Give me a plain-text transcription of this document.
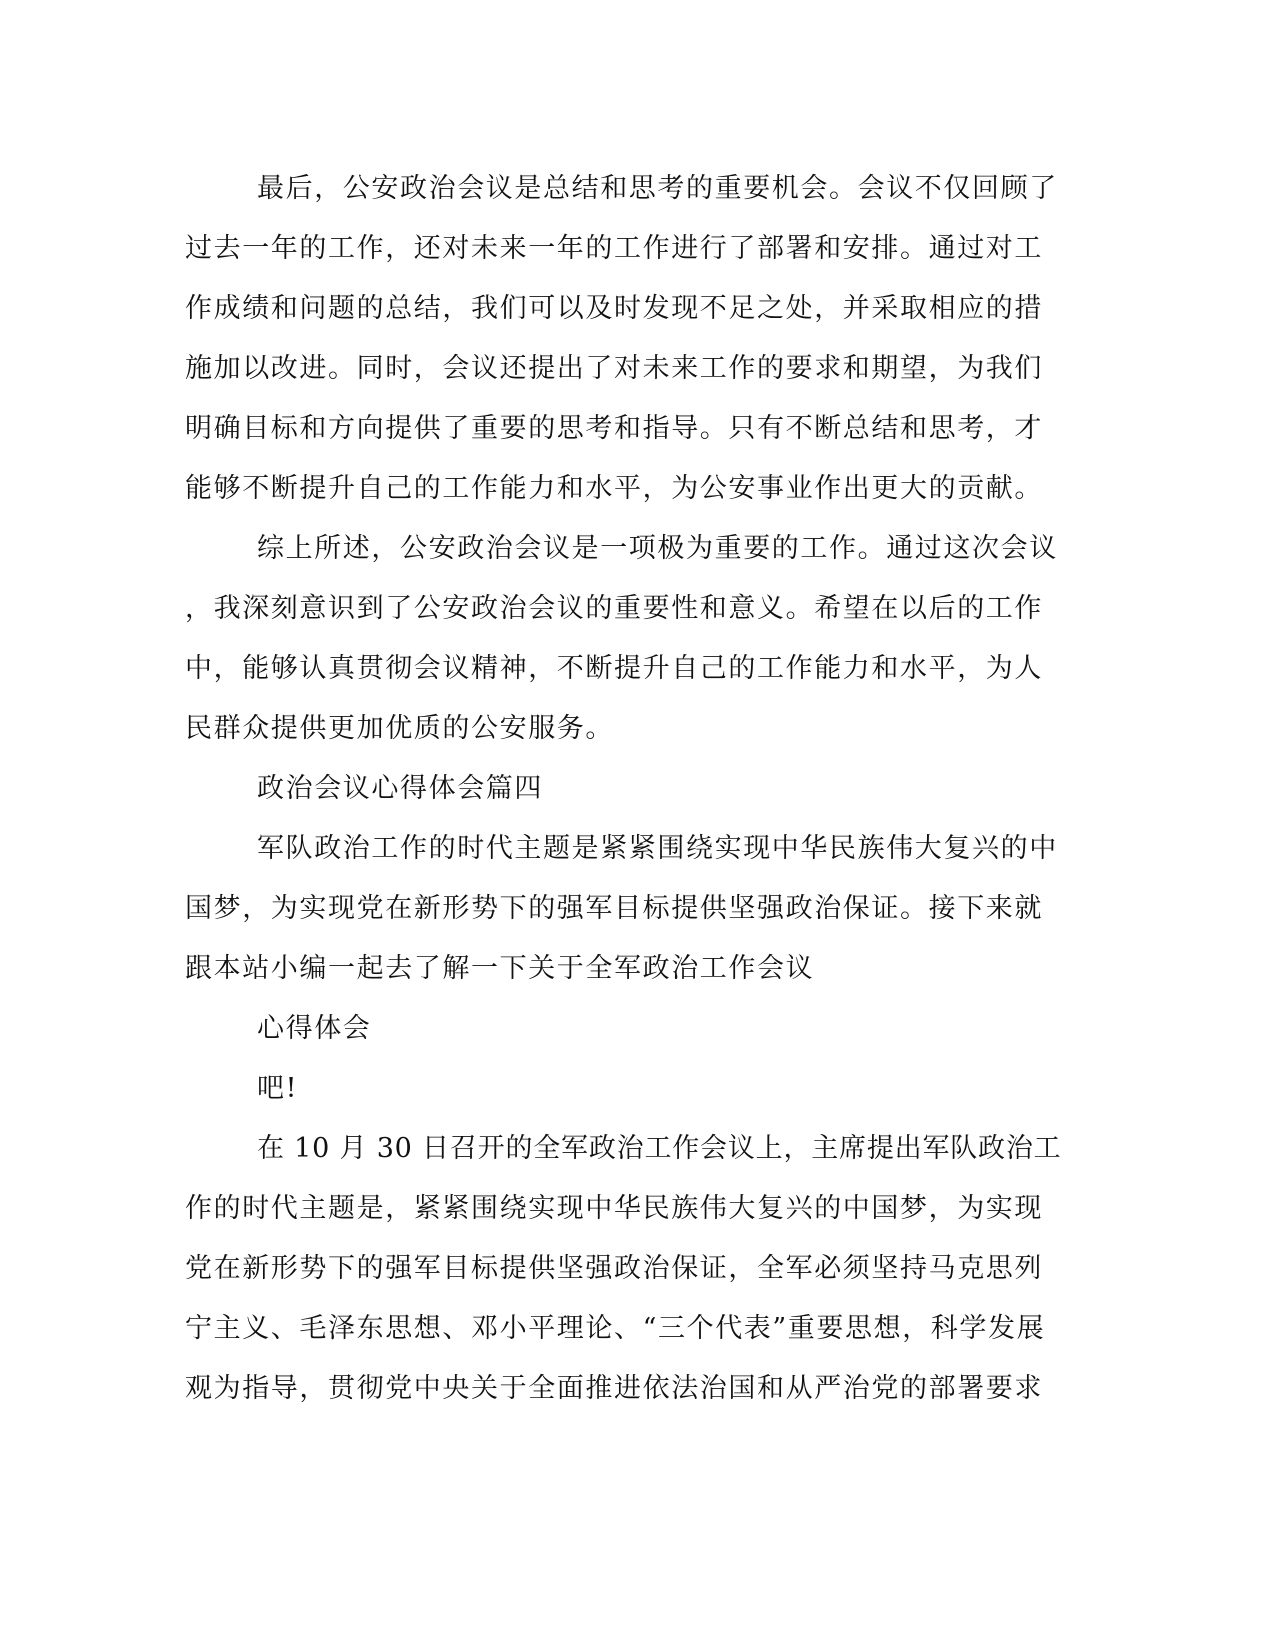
最后，公安政治会议是总结和思考的重要机会。会议不仅回顾了
过去一年的工作，还对未来一年的工作进行了部署和安排。通过对工
作成绩和问题的总结，我们可以及时发现不足之处，并采取相应的措
施加以改进。同时，会议还提出了对未来工作的要求和期望，为我们
明确目标和方向提供了重要的思考和指导。只有不断总结和思考，才
能够不断提升自己的工作能力和水平，为公安事业作出更大的贡献。
综上所述，公安政治会议是一项极为重要的工作。通过这次会议
，我深刻意识到了公安政治会议的重要性和意义。希望在以后的工作
中，能够认真贯彻会议精神，不断提升自己的工作能力和水平，为人
民群众提供更加优质的公安服务。
政治会议心得体会篇四
军队政治工作的时代主题是紧紧围绕实现中华民族伟大复兴的中
国梦，为实现党在新形势下的强军目标提供坚强政治保证。接下来就
跟本站小编一起去了解一下关于全军政治工作会议
心得体会
吧!
在 10 月 30 日召开的全军政治工作会议上，主席提出军队政治工
作的时代主题是，紧紧围绕实现中华民族伟大复兴的中国梦，为实现
党在新形势下的强军目标提供坚强政治保证，全军必须坚持马克思列
宁主义、毛泽东思想、邓小平理论、“三个代表”重要思想，科学发展
观为指导，贯彻党中央关于全面推进依法治国和从严治党的部署要求
